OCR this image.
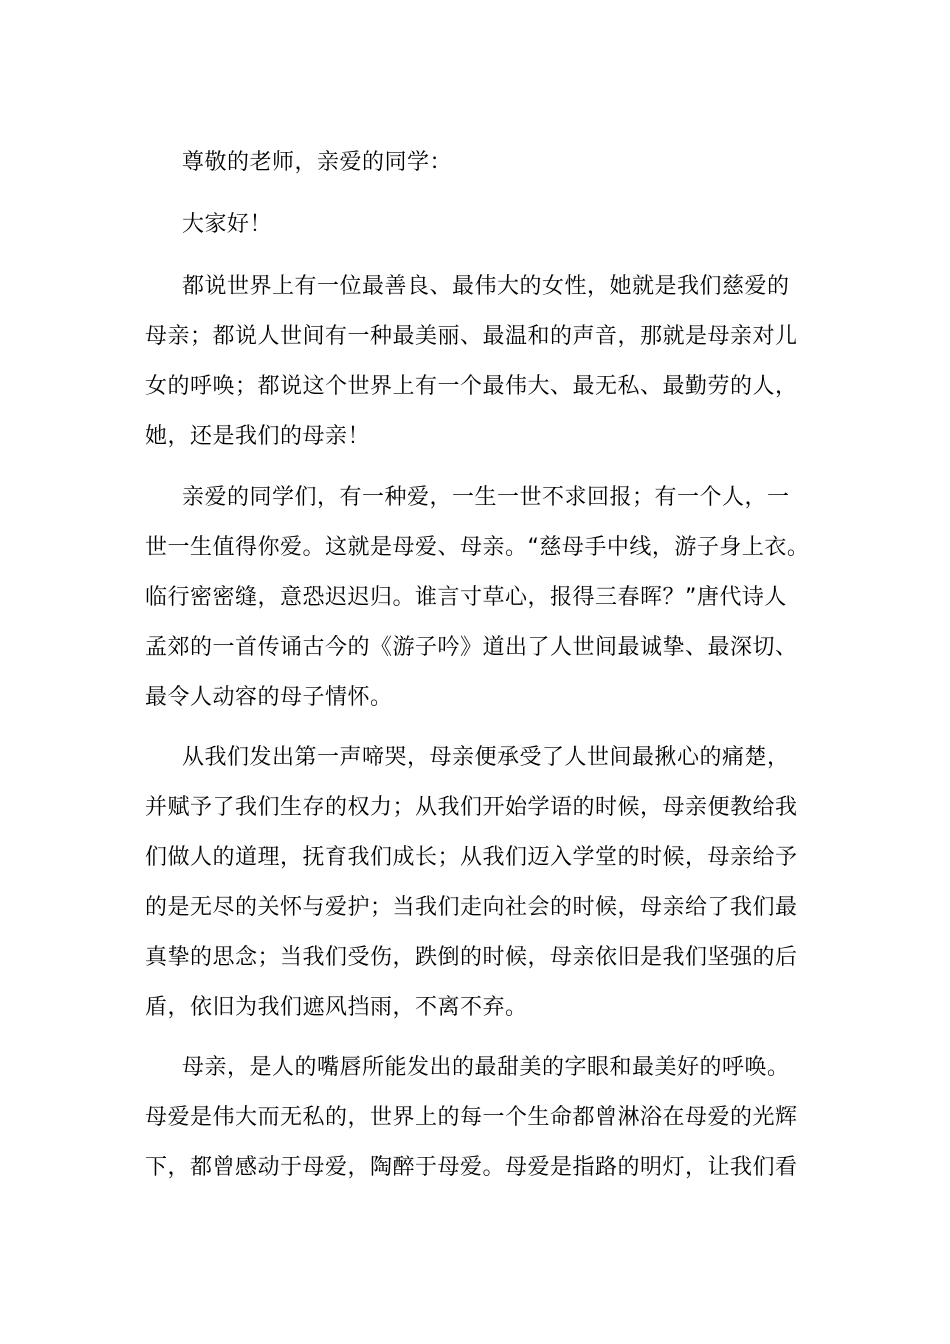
尊敬的老师，亲爱的同学：
大家好！
都说世界上有一位最善良、最伟大的女性，她就是我们慈爱的
母亲；都说人世间有一种最美丽、最温和的声音，那就是母亲对儿
女的呼唤；都说这个世界上有一个最伟大、最无私、最勤劳的人，
她，还是我们的母亲！
亲爱的同学们，有一种爱，一生一世不求回报；有一个人，一
世一生值得你爱。这就是母爱、母亲。“慈母手中线，游子身上衣。
临行密密缝，意恐迟迟归。谁言寸草心，报得三春晖？”唐代诗人
孟郊的一首传诵古今的《游子吟》道出了人世间最诚挚、最深切、
最令人动容的母子情怀。
从我们发出第一声啼哭，母亲便承受了人世间最揪心的痛楚，
并赋予了我们生存的权力；从我们开始学语的时候，母亲便教给我
们做人的道理，抚育我们成长；从我们迈入学堂的时候，母亲给予
的是无尽的关怀与爱护；当我们走向社会的时候，母亲给了我们最
真挚的思念；当我们受伤，跌倒的时候，母亲依旧是我们坚强的后
盾，依旧为我们遮风挡雨，不离不弃。
母亲，是人的嘴唇所能发出的最甜美的字眼和最美好的呼唤。
母爱是伟大而无私的，世界上的每一个生命都曾淋浴在母爱的光辉
下，都曾感动于母爱，陶醉于母爱。母爱是指路的明灯，让我们看
